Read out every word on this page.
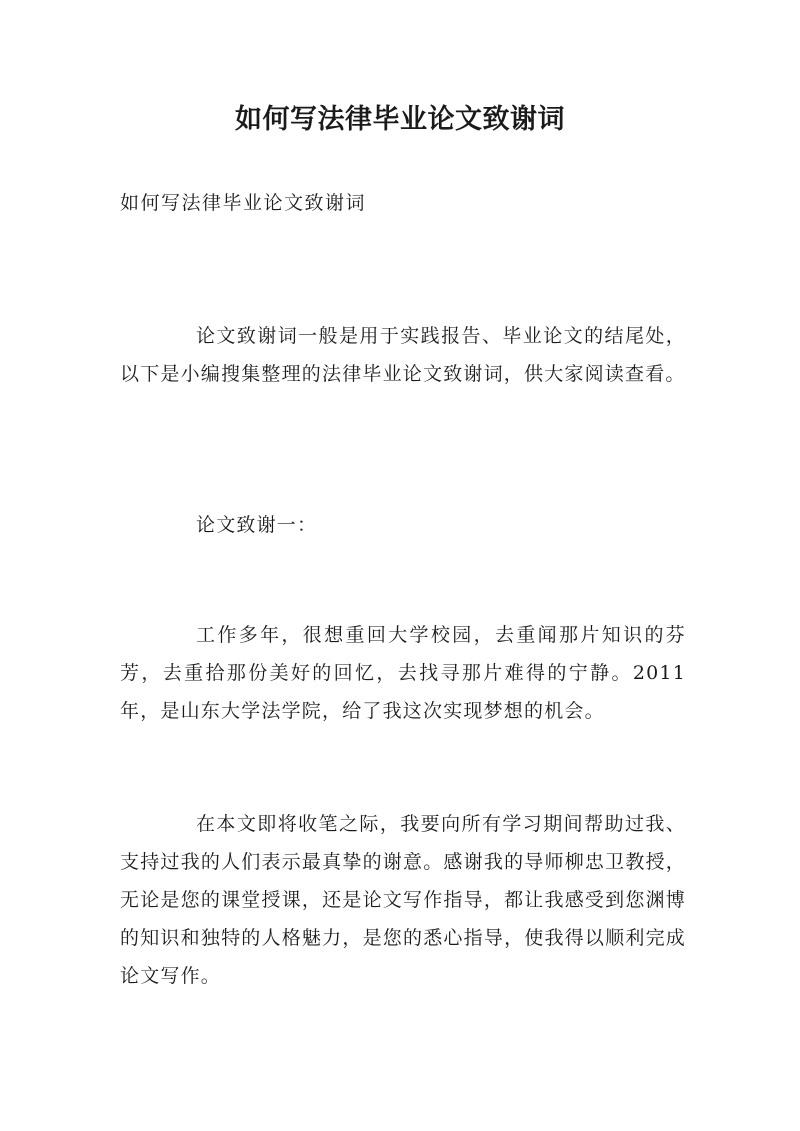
如何写法律毕业论文致谢词
如何写法律毕业论文致谢词

论文致谢词一般是用于实践报告、毕业论文的结尾处，以下是小编搜集整理的法律毕业论文致谢词，供大家阅读查看。

论文致谢一：

工作多年，很想重回大学校园，去重闻那片知识的芬芳，去重拾那份美好的回忆，去找寻那片难得的宁静。2011年，是山东大学法学院，给了我这次实现梦想的机会。

在本文即将收笔之际，我要向所有学习期间帮助过我、支持过我的人们表示最真挚的谢意。感谢我的导师柳忠卫教授，无论是您的课堂授课，还是论文写作指导，都让我感受到您渊博的知识和独特的人格魅力，是您的悉心指导，使我得以顺利完成论文写作。
